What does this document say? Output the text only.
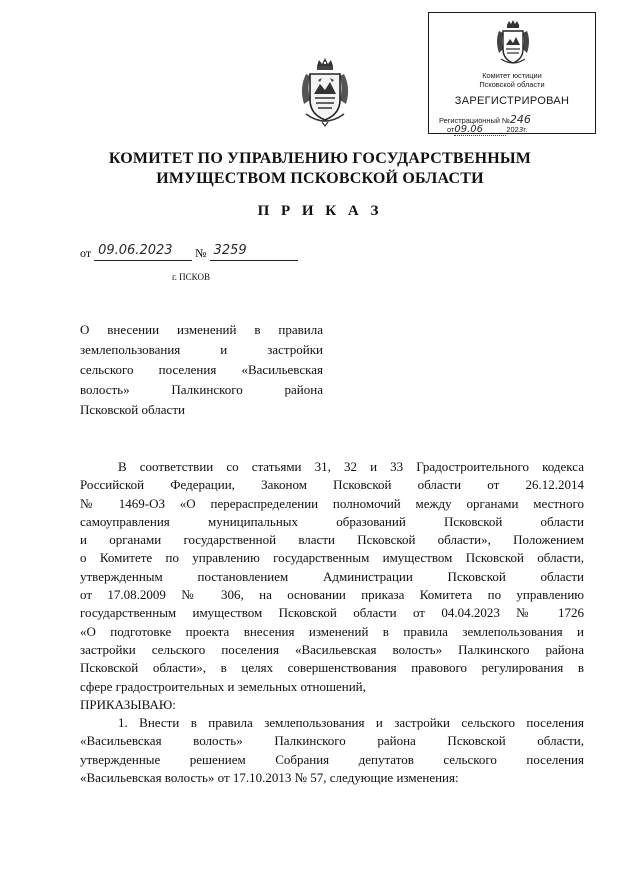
Комитет юстиции
Псковской области
ЗАРЕГИСТРИРОВАН
Регистрационный №246
от09.06	2023г.
КОМИТЕТ ПО УПРАВЛЕНИЮ ГОСУДАРСТВЕННЫМ
ИМУЩЕСТВОМ ПСКОВСКОЙ ОБЛАСТИ
П Р И К А З
от 09.06.2023 № 3259
г. ПСКОВ
О внесении изменений в правила
землепользования и застройки
сельского поселения «Васильевская
волость» Палкинского района
Псковской области
В соответствии со статьями 31, 32 и 33 Градостроительного кодекса
Российской Федерации, Законом Псковской области от 26.12.2014
№ 1469-ОЗ «О перераспределении полномочий между органами местного
самоуправления муниципальных образований Псковской области
и органами государственной власти Псковской области», Положением
о Комитете по управлению государственным имуществом Псковской области,
утвержденным постановлением Администрации Псковской области
от 17.08.2009 № 306, на основании приказа Комитета по управлению
государственным имуществом Псковской области от 04.04.2023 № 1726
«О подготовке проекта внесения изменений в правила землепользования и
застройки сельского поселения «Васильевская волость» Палкинского района
Псковской области», в целях совершенствования правового регулирования в
сфере градостроительных и земельных отношений,
ПРИКАЗЫВАЮ:
1. Внести в правила землепользования и застройки сельского поселения
«Васильевская волость» Палкинского района Псковской области,
утвержденные решением Собрания депутатов сельского поселения
«Васильевская волость» от 17.10.2013 № 57, следующие изменения:
